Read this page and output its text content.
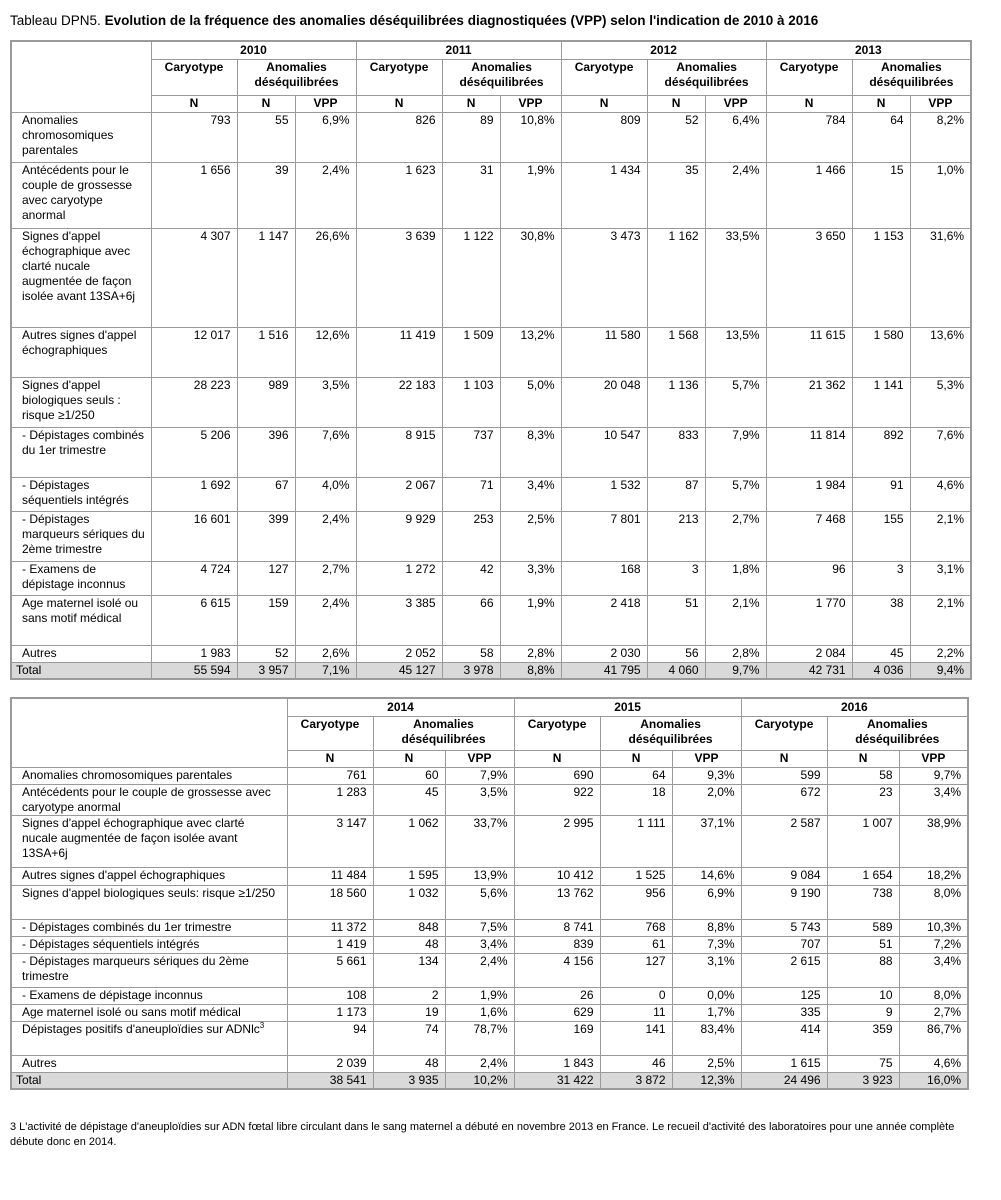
Tableau DPN5. Evolution de la fréquence des anomalies déséquilibrées diagnostiquées (VPP) selon l'indication de 2010 à 2016
	2010			2011			2012			2013		
	Caryotype	Anomalies déséquilibrées		Caryotype	Anomalies déséquilibrées		Caryotype	Anomalies déséquilibrées		Caryotype	Anomalies déséquilibrées	
	N	N	VPP	N	N	VPP	N	N	VPP	N	N	VPP
Anomalies chromosomiques parentales	793	55	6,9%	826	89	10,8%	809	52	6,4%	784	64	8,2%
Antécédents pour le couple de grossesse avec caryotype anormal	1 656	39	2,4%	1 623	31	1,9%	1 434	35	2,4%	1 466	15	1,0%
Signes d'appel échographique avec clarté nucale augmentée de façon isolée avant 13SA+6j	4 307	1 147	26,6%	3 639	1 122	30,8%	3 473	1 162	33,5%	3 650	1 153	31,6%
Autres signes d'appel échographiques	12 017	1 516	12,6%	11 419	1 509	13,2%	11 580	1 568	13,5%	11 615	1 580	13,6%
Signes d'appel biologiques seuls : risque ≥1/250	28 223	989	3,5%	22 183	1 103	5,0%	20 048	1 136	5,7%	21 362	1 141	5,3%
- Dépistages combinés du 1er trimestre	5 206	396	7,6%	8 915	737	8,3%	10 547	833	7,9%	11 814	892	7,6%
- Dépistages séquentiels intégrés	1 692	67	4,0%	2 067	71	3,4%	1 532	87	5,7%	1 984	91	4,6%
- Dépistages marqueurs sériques du 2ème trimestre	16 601	399	2,4%	9 929	253	2,5%	7 801	213	2,7%	7 468	155	2,1%
- Examens de dépistage inconnus	4 724	127	2,7%	1 272	42	3,3%	168	3	1,8%	96	3	3,1%
Age maternel isolé ou sans motif médical	6 615	159	2,4%	3 385	66	1,9%	2 418	51	2,1%	1 770	38	2,1%
Autres	1 983	52	2,6%	2 052	58	2,8%	2 030	56	2,8%	2 084	45	2,2%
Total	55 594	3 957	7,1%	45 127	3 978	8,8%	41 795	4 060	9,7%	42 731	4 036	9,4%
	2014			2015			2016		
	Caryotype	Anomalies déséquilibrées		Caryotype	Anomalies déséquilibrées		Caryotype	Anomalies déséquilibrées	
	N	N	VPP	N	N	VPP	N	N	VPP
Anomalies chromosomiques parentales	761	60	7,9%	690	64	9,3%	599	58	9,7%
Antécédents pour le couple de grossesse avec caryotype anormal	1 283	45	3,5%	922	18	2,0%	672	23	3,4%
Signes d'appel échographique avec clarté nucale augmentée de façon isolée avant 13SA+6j	3 147	1 062	33,7%	2 995	1 111	37,1%	2 587	1 007	38,9%
Autres signes d'appel échographiques	11 484	1 595	13,9%	10 412	1 525	14,6%	9 084	1 654	18,2%
Signes d'appel biologiques seuls: risque ≥1/250	18 560	1 032	5,6%	13 762	956	6,9%	9 190	738	8,0%
- Dépistages combinés du 1er trimestre	11 372	848	7,5%	8 741	768	8,8%	5 743	589	10,3%
- Dépistages séquentiels intégrés	1 419	48	3,4%	839	61	7,3%	707	51	7,2%
- Dépistages marqueurs sériques du 2ème trimestre	5 661	134	2,4%	4 156	127	3,1%	2 615	88	3,4%
- Examens de dépistage inconnus	108	2	1,9%	26	0	0,0%	125	10	8,0%
Age maternel isolé ou sans motif médical	1 173	19	1,6%	629	11	1,7%	335	9	2,7%
Dépistages positifs d'aneuploïdies sur ADNlc$^3$	94	74	78,7%	169	141	83,4%	414	359	86,7%
Autres	2 039	48	2,4%	1 843	46	2,5%	1 615	75	4,6%
Total	38 541	3 935	10,2%	31 422	3 872	12,3%	24 496	3 923	16,0%
3 L'activité de dépistage d'aneuploïdies sur ADN fœtal libre circulant dans le sang maternel a débuté en novembre 2013 en France. Le recueil d'activité des laboratoires pour une année complète débute donc en 2014.
